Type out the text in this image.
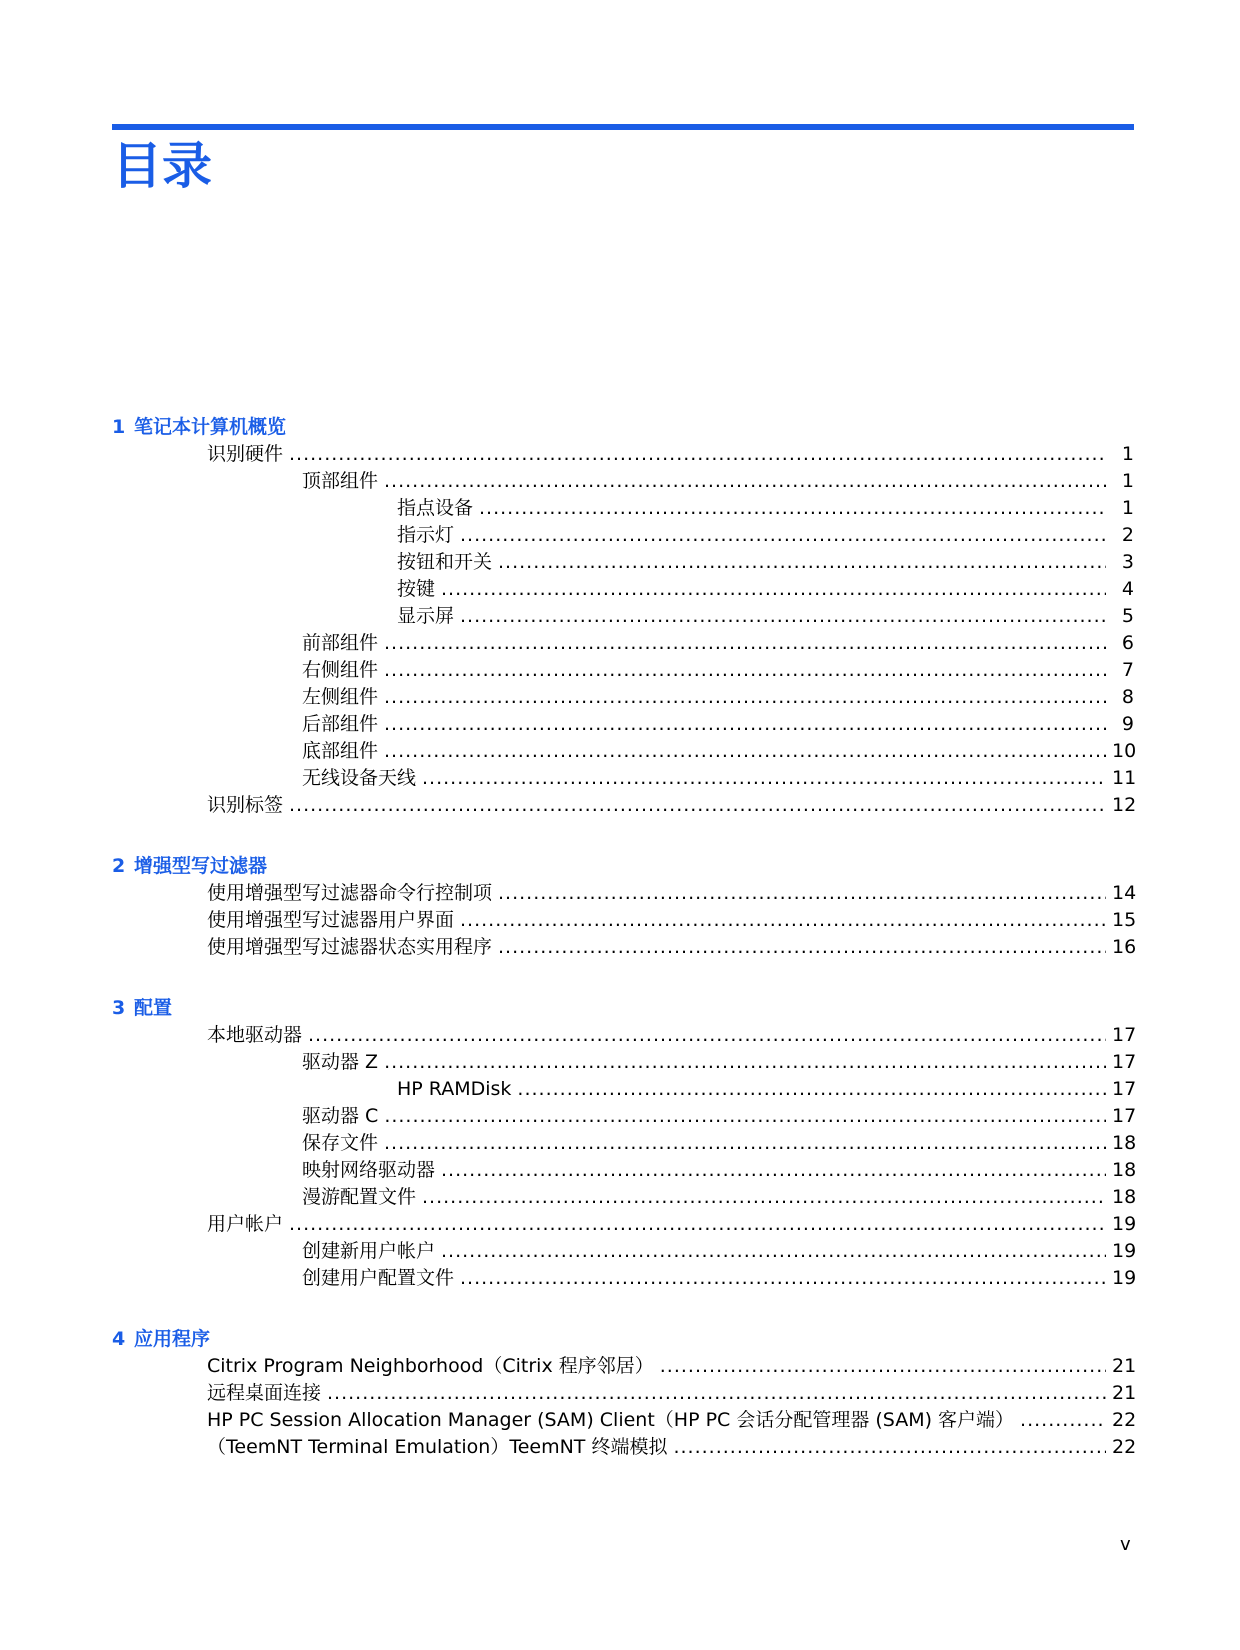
目录
1 笔记本计算机概览
识别硬件 .....	1
顶部组件 .....	1
指点设备 .....	1
指示灯 .....	2
按钮和开关 .....	3
按键 .....	4
显示屏 .....	5
前部组件 .....	6
右侧组件 .....	7
左侧组件 .....	8
后部组件 .....	9
底部组件 .....	10
无线设备天线 .....	11
识别标签 .....	12
2 增强型写过滤器
使用增强型写过滤器命令行控制项 .....	14
使用增强型写过滤器用户界面 .....	15
使用增强型写过滤器状态实用程序 .....	16
3 配置
本地驱动器 .....	17
驱动器 Z .....	17
HP RAMDisk .....	17
驱动器 C .....	17
保存文件 .....	18
映射网络驱动器 .....	18
漫游配置文件 .....	18
用户帐户 .....	19
创建新用户帐户 .....	19
创建用户配置文件 .....	19
4 应用程序
Citrix Program Neighborhood（Citrix 程序邻居） .....	21
远程桌面连接 .....	21
HP PC Session Allocation Manager (SAM) Client（HP PC 会话分配管理器 (SAM) 客户端） .....	22
（TeemNT Terminal Emulation）TeemNT 终端模拟 .....	22
v
